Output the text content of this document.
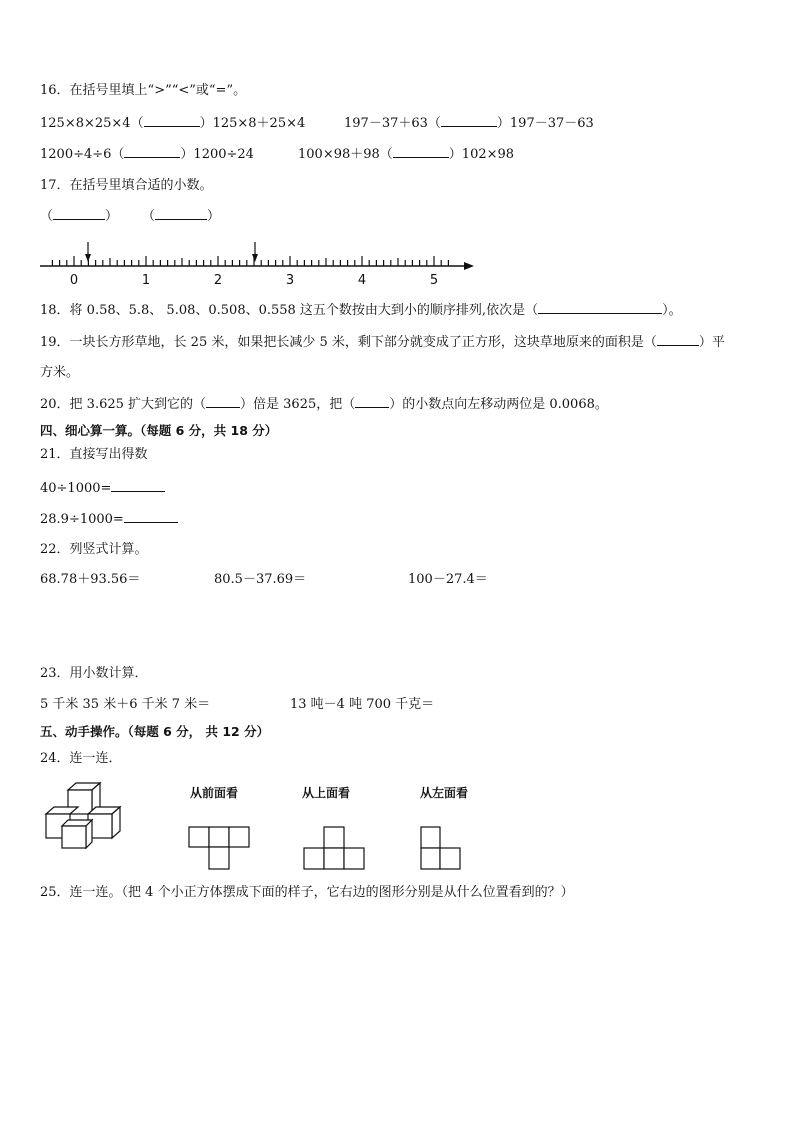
16．在括号里填上“>”“<”或“=”。
125×8×25×4（	）125×8＋25×4	197－37＋63（	）197－37－63
1200÷4÷6（	）1200÷24	100×98＋98（	）102×98
17．在括号里填合适的小数。
（	） （	）
0	1	2	3	4	5
18．将 0.58、5.8、 5.08、0.508、0.558 这五个数按由大到小的顺序排列,依次是（	）。
19．一块长方形草地，长 25 米，如果把长减少 5 米，剩下部分就变成了正方形，这块草地原来的面积是（	）平
方米。
20．把 3.625 扩大到它的（	）倍是 3625，把（	）的小数点向左移动两位是 0.0068。
四、细心算一算。（每题 6 分，共 18 分）
21．直接写出得数
40÷1000=
28.9÷1000=
22．列竖式计算。
68.78＋93.56＝	80.5－37.69＝	100－27.4＝
23．用小数计算．
5 千米 35 米＋6 千米 7 米＝	13 吨－4 吨 700 千克＝
五、动手操作。（每题 6 分， 共 12 分）
24．连一连．
从前面看	从上面看	从左面看
25．连一连。（把 4 个小正方体摆成下面的样子，它右边的图形分别是从什么位置看到的？）
